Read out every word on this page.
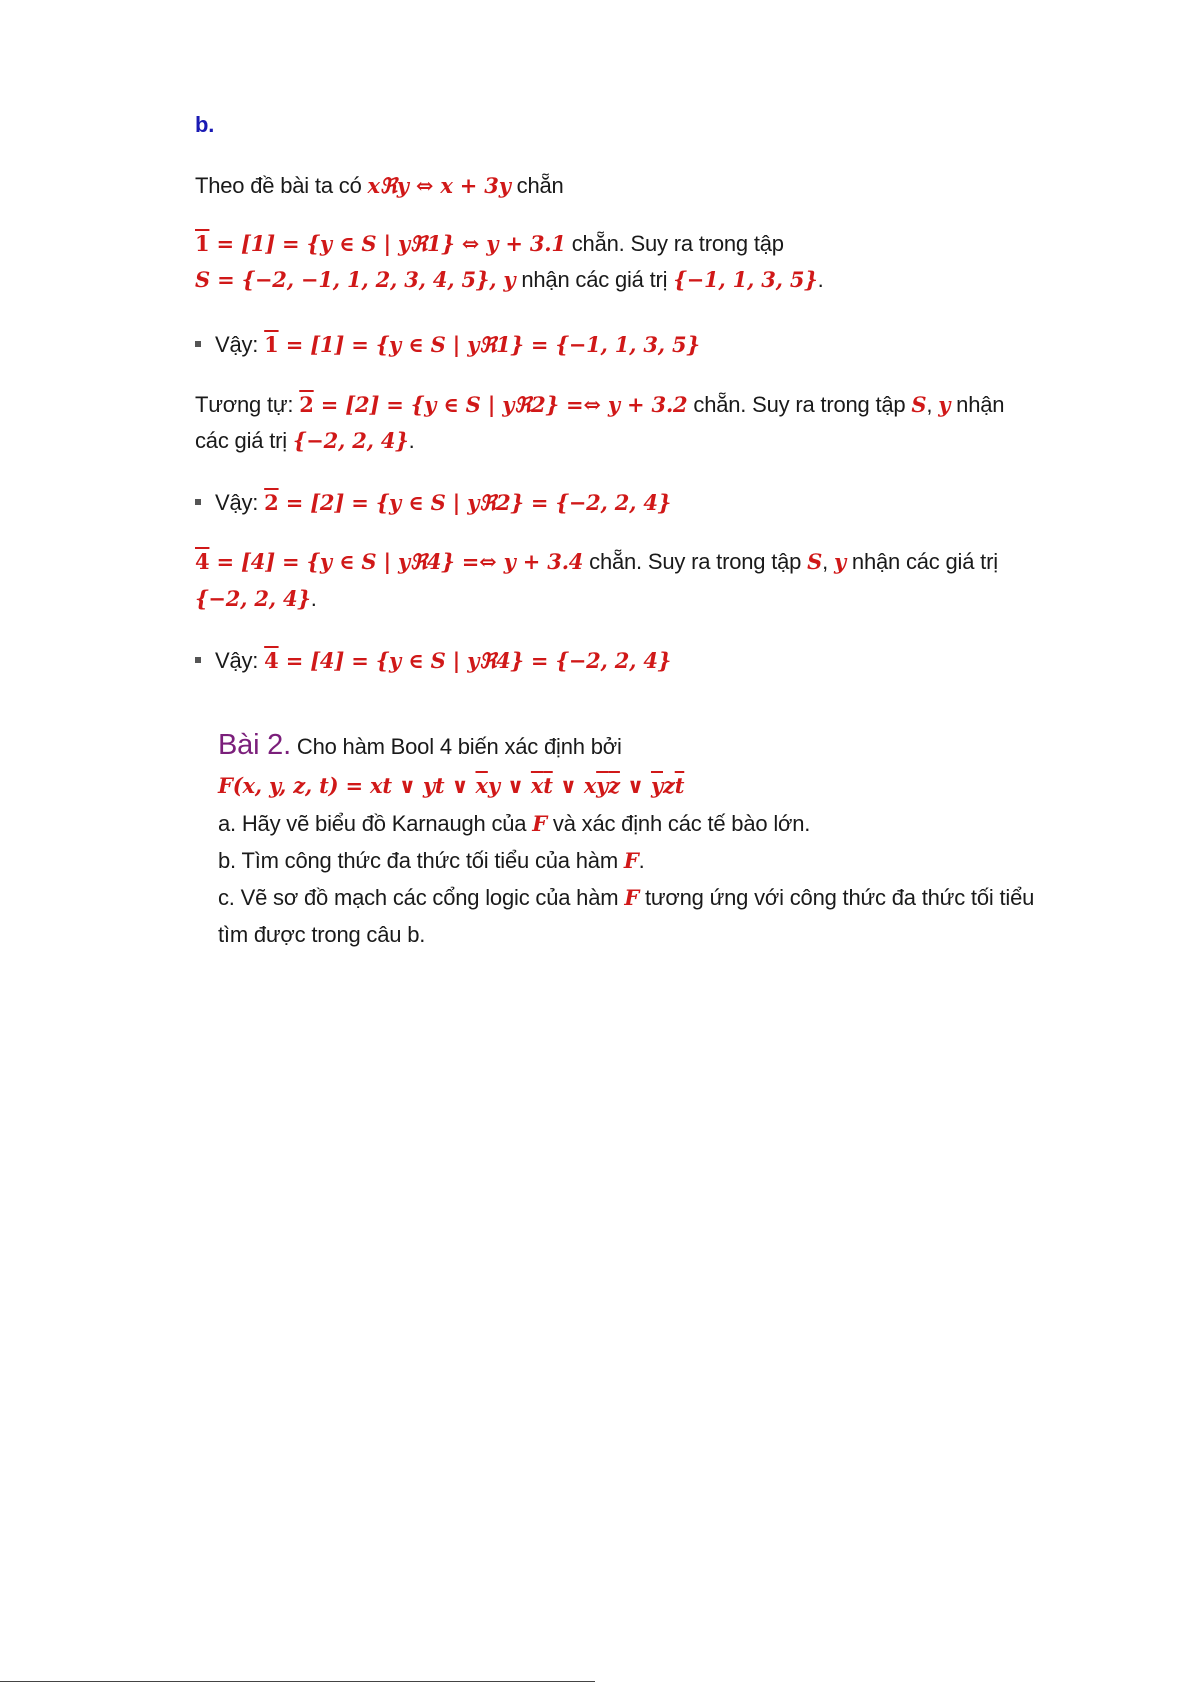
b.
Theo đề bài ta có xℜy ⇔ x + 3y chẵn
1 = [1] = {y ∈ S | yℜ1} ⇔ y + 3.1 chẵn. Suy ra trong tập
S = {−2, −1, 1, 2, 3, 4, 5}, y nhận các giá trị {−1, 1, 3, 5}.
Vậy: 1 = [1] = {y ∈ S | yℜ1} = {−1, 1, 3, 5}
Tương tự: 2 = [2] = {y ∈ S | yℜ2} =⇔ y + 3.2 chẵn. Suy ra trong tập S, y nhận
các giá trị {−2, 2, 4}.
Vậy: 2 = [2] = {y ∈ S | yℜ2} = {−2, 2, 4}
4 = [4] = {y ∈ S | yℜ4} =⇔ y + 3.4 chẵn. Suy ra trong tập S, y nhận các giá trị
{−2, 2, 4}.
Vậy: 4 = [4] = {y ∈ S | yℜ4} = {−2, 2, 4}
Bài 2. Cho hàm Bool 4 biến xác định bởi
F(x, y, z, t) = xt ∨ yt ∨ $\overline{x}y$ ∨ $\overline{x}\overline{t}$ ∨ $x\overline{y}\overline{z}$ ∨ $\overline{y}z\overline{t}$
a. Hãy vẽ biểu đồ Karnaugh của F và xác định các tế bào lớn.
b. Tìm công thức đa thức tối tiểu của hàm F.
c. Vẽ sơ đồ mạch các cổng logic của hàm F tương ứng với công thức đa thức tối tiểu
tìm được trong câu b.
